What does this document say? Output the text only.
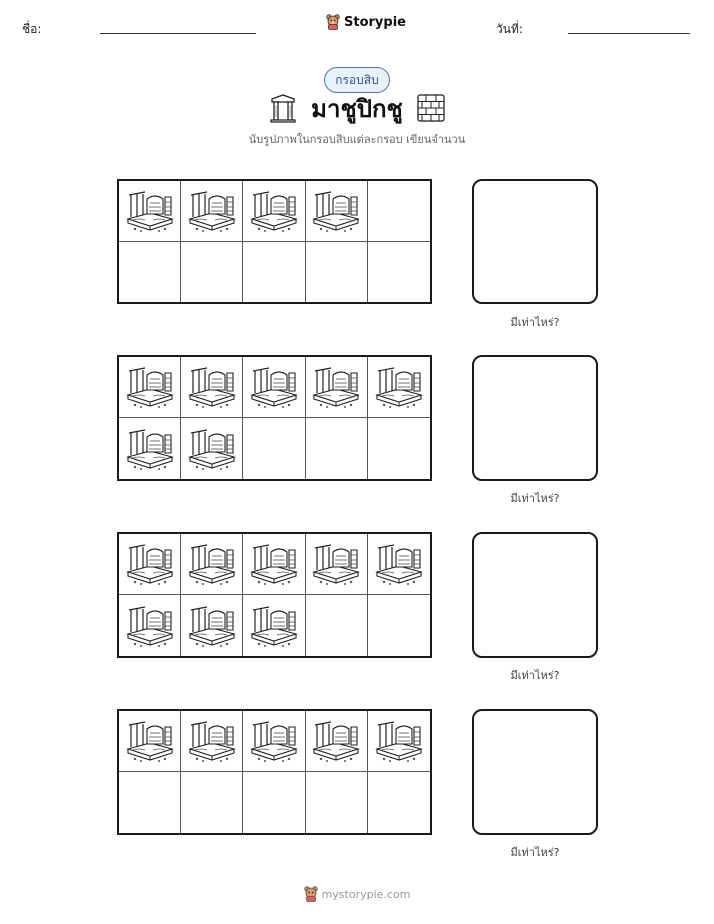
ชื่อ:	Storypie	วันที่:
กรอบสิบ
มาชูปิกชู
นับรูปภาพในกรอบสิบแต่ละกรอบ เขียนจำนวน
มีเท่าไหร่?
มีเท่าไหร่?
มีเท่าไหร่?
มีเท่าไหร่?
mystorypie.com
